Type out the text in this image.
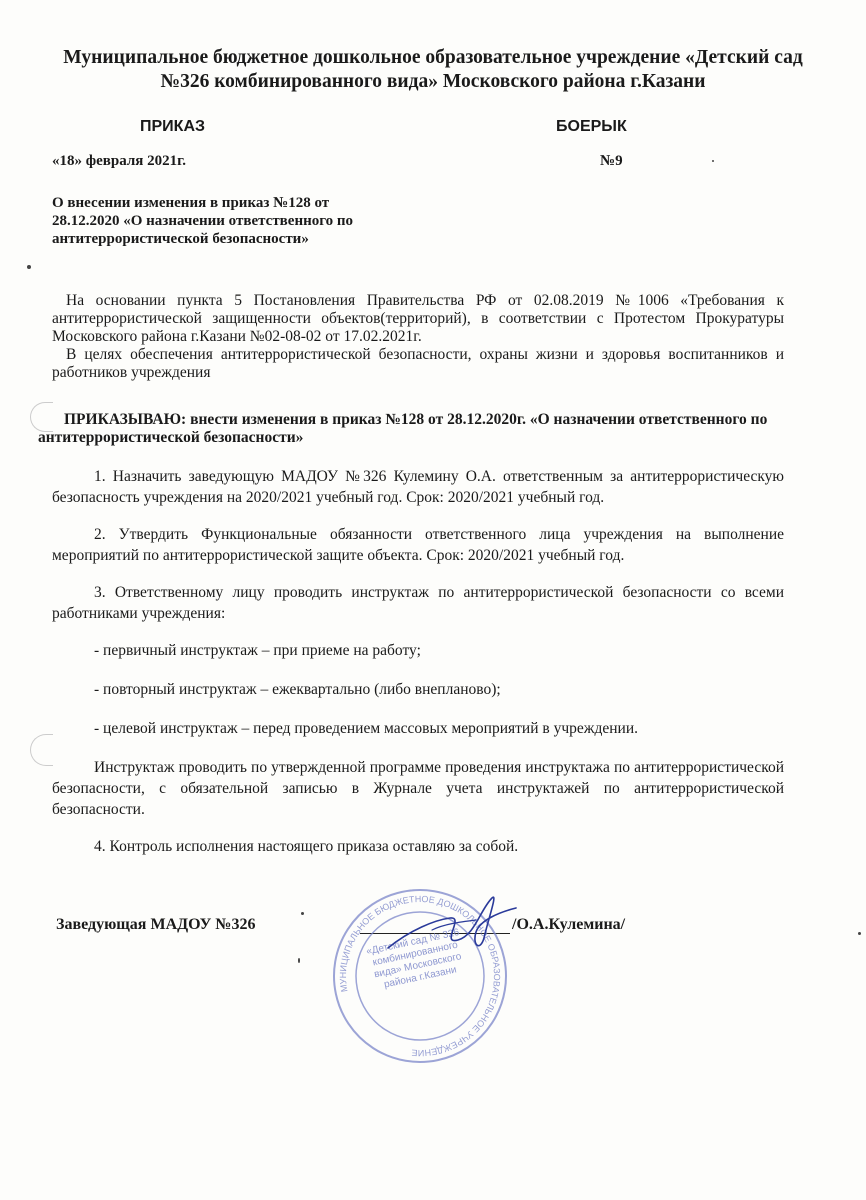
Муниципальное бюджетное дошкольное образовательное учреждение «Детский сад №326 комбинированного вида» Московского района г.Казани
ПРИКАЗ	БОЕРЫК
«18» февраля 2021г.	№9
О внесении изменения в приказ №128 от 28.12.2020 «О назначении ответственного по антитеррористической безопасности»

На основании пункта 5 Постановления Правительства РФ от 02.08.2019 №1006 «Требования к антитеррористической защищенности объектов(территорий), в соответствии с Протестом Прокуратуры Московского района г.Казани №02-08-02 от 17.02.2021г.

В целях обеспечения антитеррористической безопасности, охраны жизни и здоровья воспитанников и работников учреждения

ПРИКАЗЫВАЮ: внести изменения в приказ №128 от 28.12.2020г. «О назначении ответственного по антитеррористической безопасности»

1. Назначить заведующую МАДОУ №326 Кулемину О.А. ответственным за антитеррористическую безопасность учреждения на 2020/2021 учебный год. Срок: 2020/2021 учебный год.

2. Утвердить Функциональные обязанности ответственного лица учреждения на выполнение мероприятий по антитеррористической защите объекта. Срок: 2020/2021 учебный год.

3. Ответственному лицу проводить инструктаж по антитеррористической безопасности со всеми работниками учреждения:

- первичный инструктаж – при приеме на работу;

- повторный инструктаж – ежеквартально (либо внепланово);

- целевой инструктаж – перед проведением массовых мероприятий в учреждении.

Инструктаж проводить по утвержденной программе проведения инструктажа по антитеррористической безопасности, с обязательной записью в Журнале учета инструктажей по антитеррористической безопасности.

4. Контроль исполнения настоящего приказа оставляю за собой.

Заведующая МАДОУ №326	/О.А.Кулемина/
МУНИЦИПАЛЬНОЕ БЮДЖЕТНОЕ ДОШКОЛЬНОЕ ОБРАЗОВАТЕЛЬНОЕ УЧРЕЖДЕНИЕ
«Детский сад № 326 комбинированного вида» Московского района г.Казани
